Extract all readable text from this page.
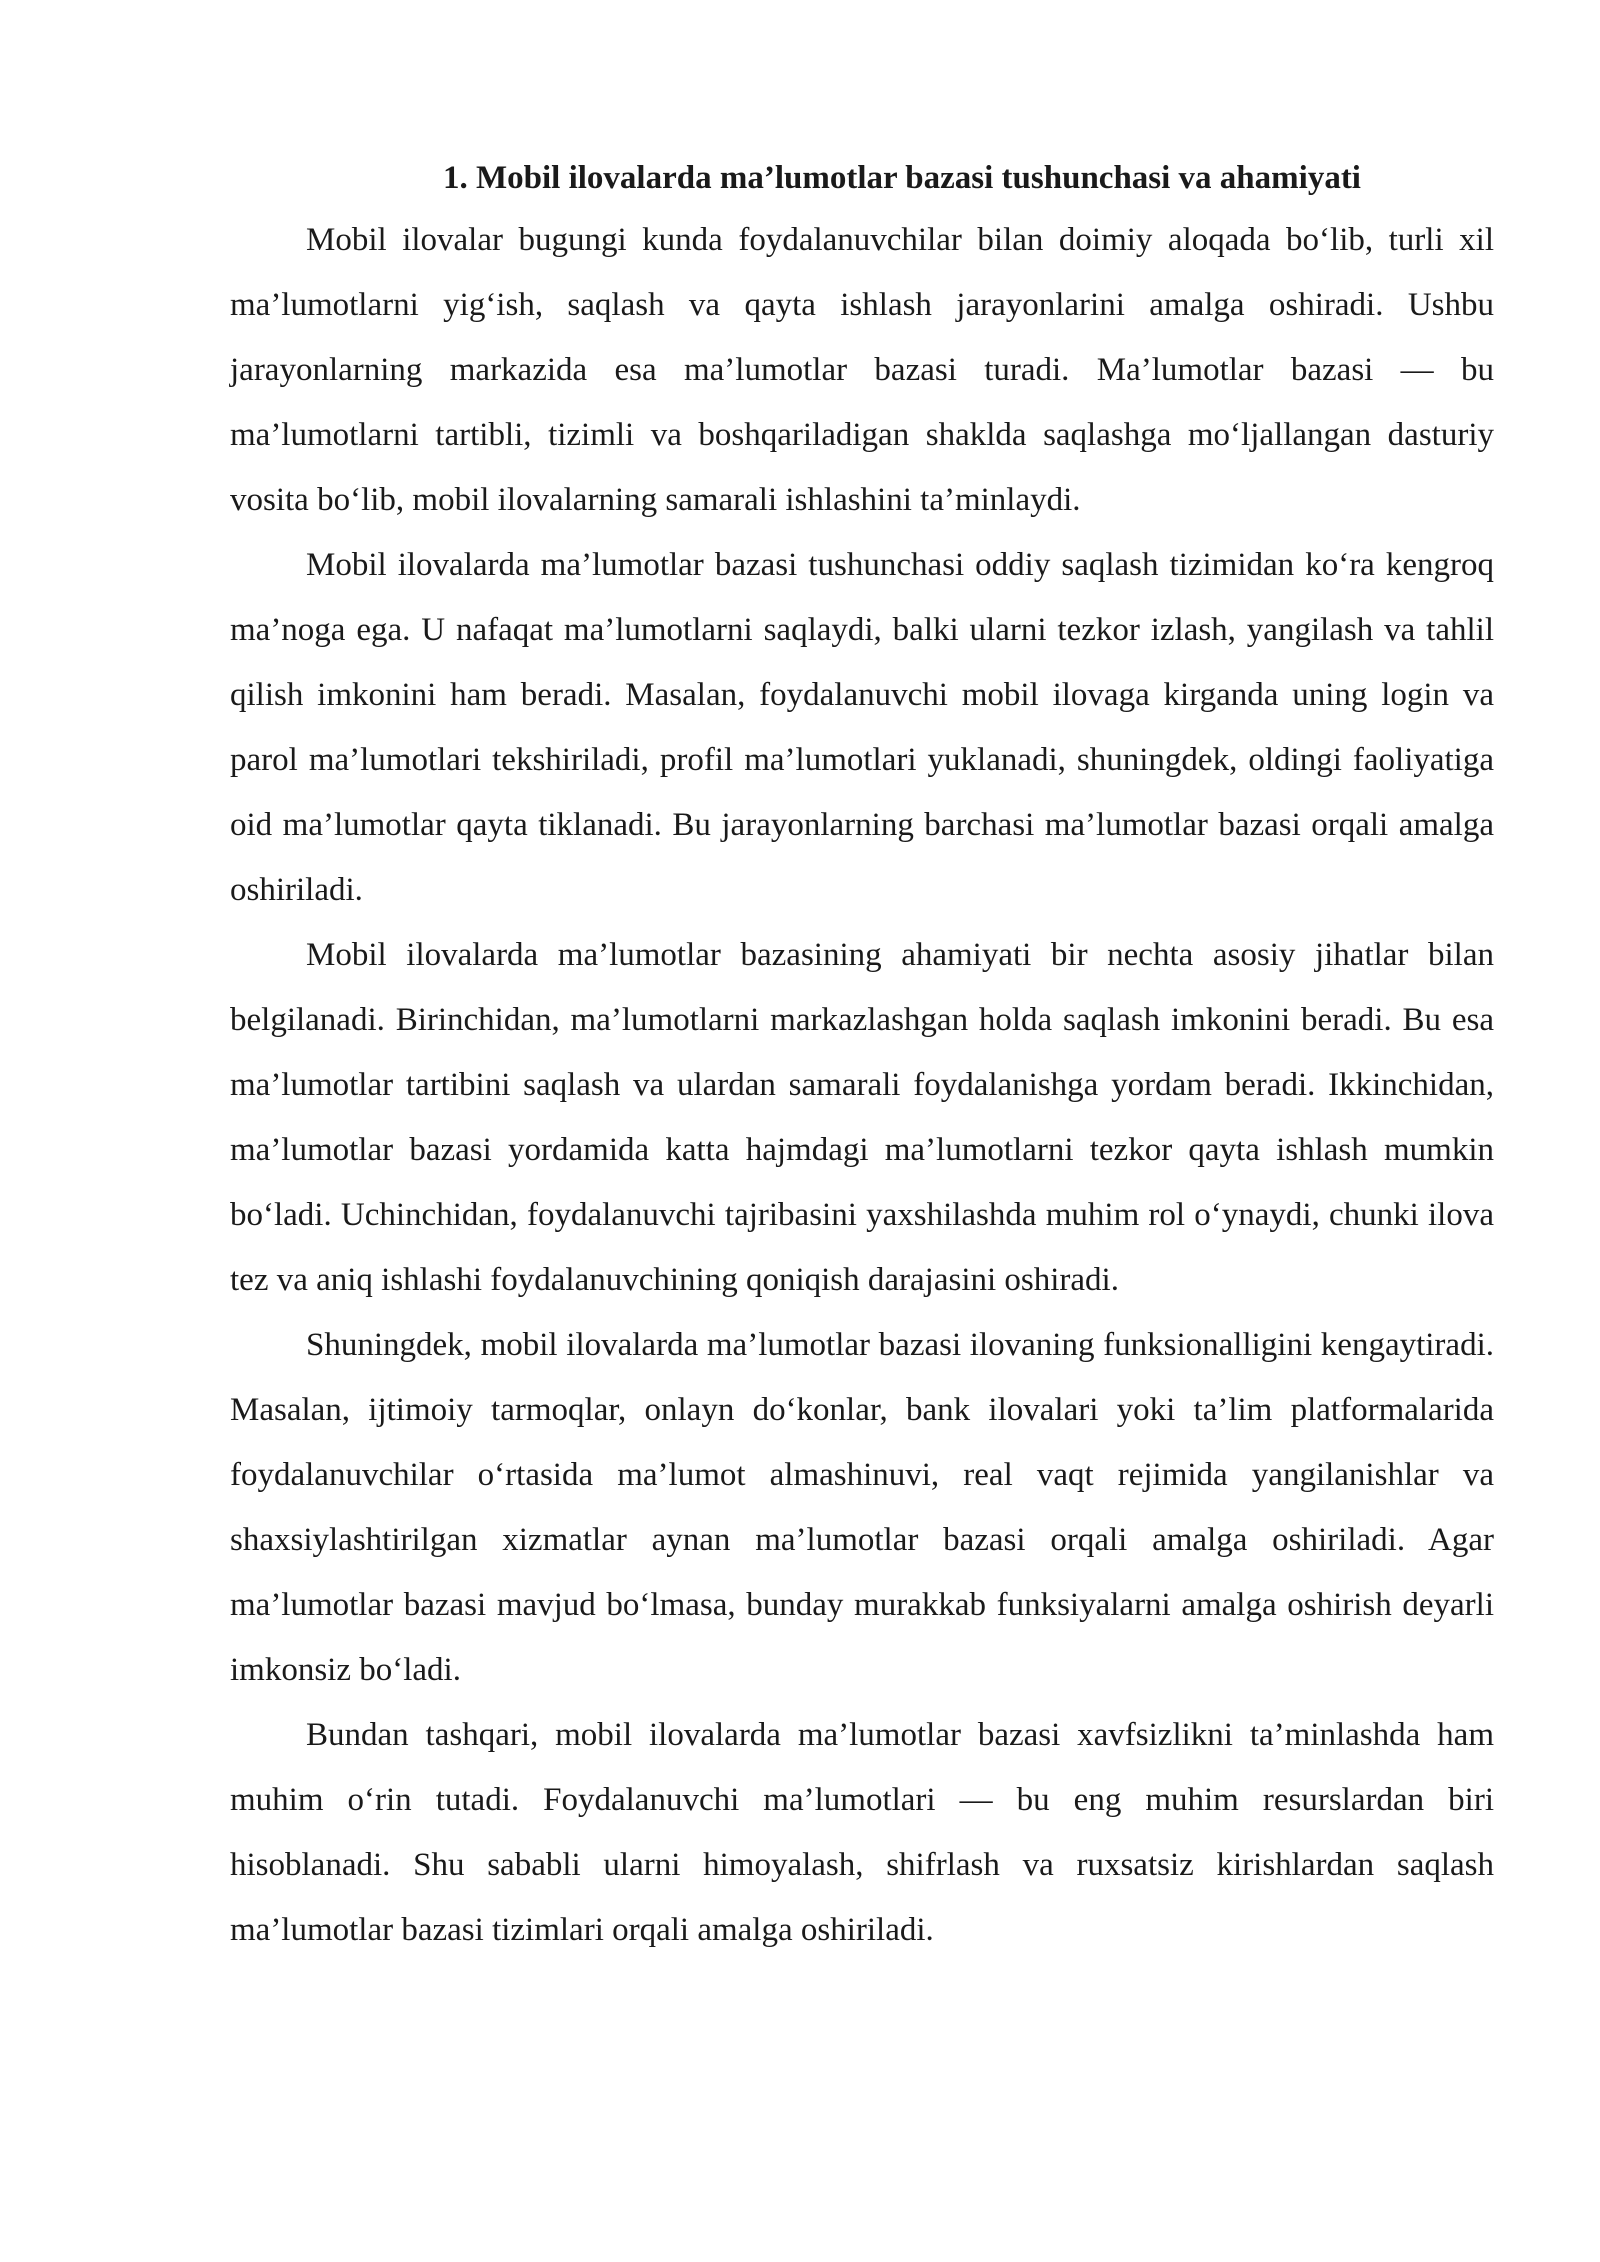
1. Mobil ilovalarda ma’lumotlar bazasi tushunchasi va ahamiyati

Mobil ilovalar bugungi kunda foydalanuvchilar bilan doimiy aloqada bo‘lib, turli xil ma’lumotlarni yig‘ish, saqlash va qayta ishlash jarayonlarini amalga oshiradi. Ushbu jarayonlarning markazida esa ma’lumotlar bazasi turadi. Ma’lumotlar bazasi — bu ma’lumotlarni tartibli, tizimli va boshqariladigan shaklda saqlashga mo‘ljallangan dasturiy vosita bo‘lib, mobil ilovalarning samarali ishlashini ta’minlaydi.

Mobil ilovalarda ma’lumotlar bazasi tushunchasi oddiy saqlash tizimidan ko‘ra kengroq ma’noga ega. U nafaqat ma’lumotlarni saqlaydi, balki ularni tezkor izlash, yangilash va tahlil qilish imkonini ham beradi. Masalan, foydalanuvchi mobil ilovaga kirganda uning login va parol ma’lumotlari tekshiriladi, profil ma’lumotlari yuklanadi, shuningdek, oldingi faoliyatiga oid ma’lumotlar qayta tiklanadi. Bu jarayonlarning barchasi ma’lumotlar bazasi orqali amalga oshiriladi.

Mobil ilovalarda ma’lumotlar bazasining ahamiyati bir nechta asosiy jihatlar bilan belgilanadi. Birinchidan, ma’lumotlarni markazlashgan holda saqlash imkonini beradi. Bu esa ma’lumotlar tartibini saqlash va ulardan samarali foydalanishga yordam beradi. Ikkinchidan, ma’lumotlar bazasi yordamida katta hajmdagi ma’lumotlarni tezkor qayta ishlash mumkin bo‘ladi. Uchinchidan, foydalanuvchi tajribasini yaxshilashda muhim rol o‘ynaydi, chunki ilova tez va aniq ishlashi foydalanuvchining qoniqish darajasini oshiradi.

Shuningdek, mobil ilovalarda ma’lumotlar bazasi ilovaning funksionalligini kengaytiradi. Masalan, ijtimoiy tarmoqlar, onlayn do‘konlar, bank ilovalari yoki ta’lim platformalarida foydalanuvchilar o‘rtasida ma’lumot almashinuvi, real vaqt rejimida yangilanishlar va shaxsiylashtirilgan xizmatlar aynan ma’lumotlar bazasi orqali amalga oshiriladi. Agar ma’lumotlar bazasi mavjud bo‘lmasa, bunday murakkab funksiyalarni amalga oshirish deyarli imkonsiz bo‘ladi.

Bundan tashqari, mobil ilovalarda ma’lumotlar bazasi xavfsizlikni ta’minlashda ham muhim o‘rin tutadi. Foydalanuvchi ma’lumotlari — bu eng muhim resurslardan biri hisoblanadi. Shu sababli ularni himoyalash, shifrlash va ruxsatsiz kirishlardan saqlash ma’lumotlar bazasi tizimlari orqali amalga oshiriladi.
